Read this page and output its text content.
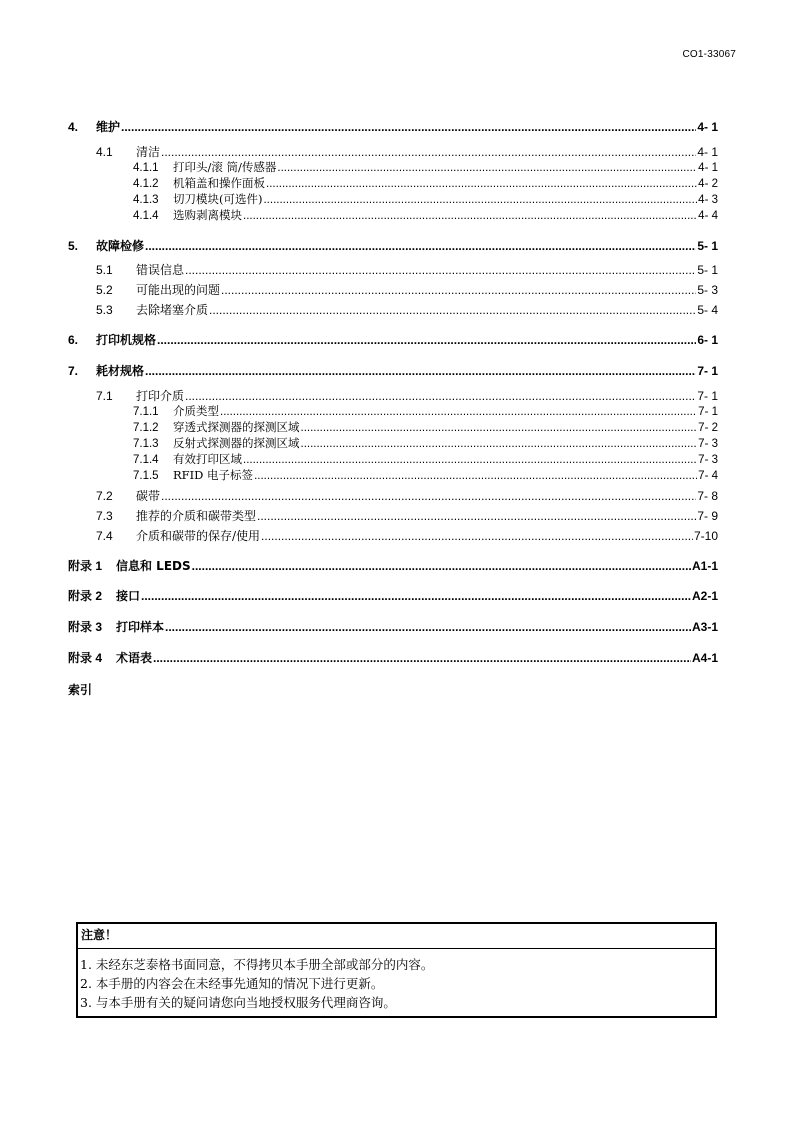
CO1-33067
4.	维护 .....	4- 1
4.1	清洁 .....	4- 1
4.1.1	打印头/滚 筒/传感器 .....	4- 1
4.1.2	机箱盖和操作面板 .....	4- 2
4.1.3	切刀模块(可选件) .....	4- 3
4.1.4	选购剥离模块 .....	4- 4
5.	故障检修 .....	5- 1
5.1	错误信息 .....	5- 1
5.2	可能出现的问题 .....	5- 3
5.3	去除堵塞介质 .....	5- 4
6.	打印机规格 .....	6- 1
7.	耗材规格 .....	7- 1
7.1	打印介质 .....	7- 1
7.1.1	介质类型 .....	7- 1
7.1.2	穿透式探测器的探测区域 .....	7- 2
7.1.3	反射式探测器的探测区域 .....	7- 3
7.1.4	有效打印区域 .....	7- 3
7.1.5	RFID 电子标签 .....	7- 4
7.2	碳带 .....	7- 8
7.3	推荐的介质和碳带类型 .....	7- 9
7.4	介质和碳带的保存/使用 .....	7-10
附录 1	信息和 LEDS .....	A1-1
附录 2	接口 .....	A2-1
附录 3	打印样本 .....	A3-1
附录 4	术语表 .....	A4-1
索引
注意！
1. 未经东芝泰格书面同意，不得拷贝本手册全部或部分的内容。
2. 本手册的内容会在未经事先通知的情况下进行更新。
3. 与本手册有关的疑问请您向当地授权服务代理商咨询。
